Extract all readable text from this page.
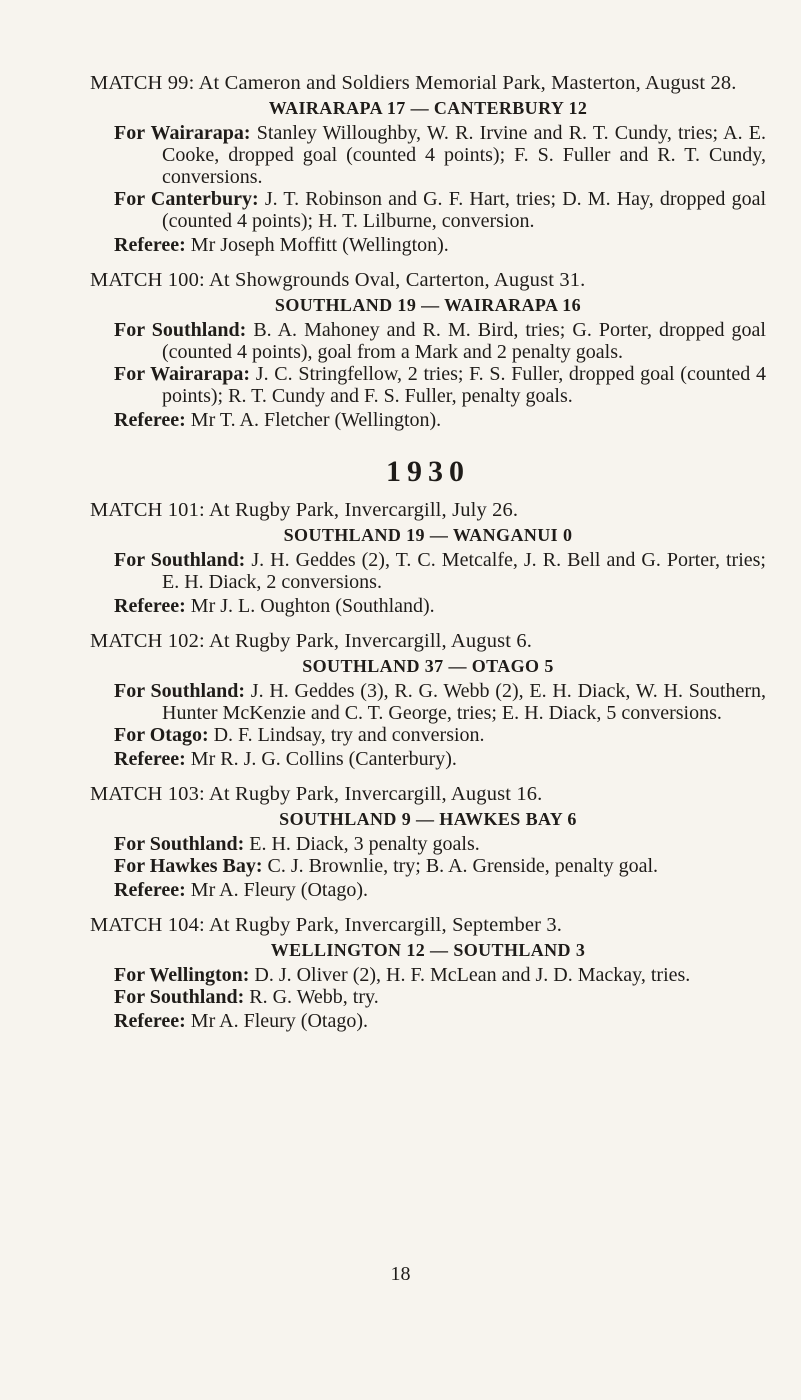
MATCH 99: At Cameron and Soldiers Memorial Park, Masterton, August 28.
WAIRARAPA 17 — CANTERBURY 12
For Wairarapa: Stanley Willoughby, W. R. Irvine and R. T. Cundy, tries; A. E. Cooke, dropped goal (counted 4 points); F. S. Fuller and R. T. Cundy, conversions.
For Canterbury: J. T. Robinson and G. F. Hart, tries; D. M. Hay, dropped goal (counted 4 points); H. T. Lilburne, conversion.
Referee: Mr Joseph Moffitt (Wellington).
MATCH 100: At Showgrounds Oval, Carterton, August 31.
SOUTHLAND 19 — WAIRARAPA 16
For Southland: B. A. Mahoney and R. M. Bird, tries; G. Porter, dropped goal (counted 4 points), goal from a Mark and 2 penalty goals.
For Wairarapa: J. C. Stringfellow, 2 tries; F. S. Fuller, dropped goal (counted 4 points); R. T. Cundy and F. S. Fuller, penalty goals.
Referee: Mr T. A. Fletcher (Wellington).
1930
MATCH 101: At Rugby Park, Invercargill, July 26.
SOUTHLAND 19 — WANGANUI 0
For Southland: J. H. Geddes (2), T. C. Metcalfe, J. R. Bell and G. Porter, tries; E. H. Diack, 2 conversions.
Referee: Mr J. L. Oughton (Southland).
MATCH 102: At Rugby Park, Invercargill, August 6.
SOUTHLAND 37 — OTAGO 5
For Southland: J. H. Geddes (3), R. G. Webb (2), E. H. Diack, W. H. Southern, Hunter McKenzie and C. T. George, tries; E. H. Diack, 5 conversions.
For Otago: D. F. Lindsay, try and conversion.
Referee: Mr R. J. G. Collins (Canterbury).
MATCH 103: At Rugby Park, Invercargill, August 16.
SOUTHLAND 9 — HAWKES BAY 6
For Southland: E. H. Diack, 3 penalty goals.
For Hawkes Bay: C. J. Brownlie, try; B. A. Grenside, penalty goal.
Referee: Mr A. Fleury (Otago).
MATCH 104: At Rugby Park, Invercargill, September 3.
WELLINGTON 12 — SOUTHLAND 3
For Wellington: D. J. Oliver (2), H. F. McLean and J. D. Mackay, tries.
For Southland: R. G. Webb, try.
Referee: Mr A. Fleury (Otago).
18
